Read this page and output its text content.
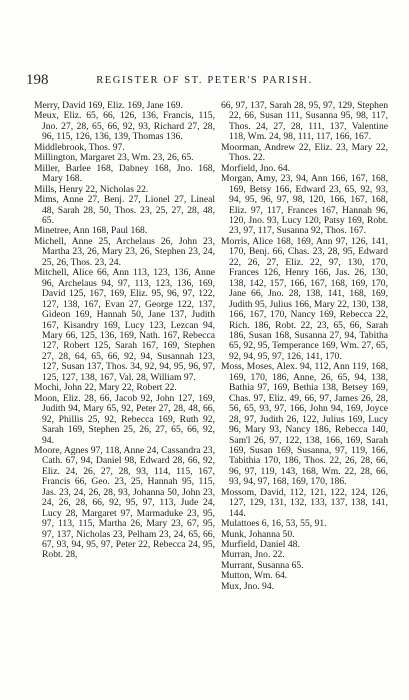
198	REGISTER OF ST. PETER'S PARISH.

Merry, David 169, Eliz. 169, Jane 169.

Meux, Eliz. 65, 66, 126, 136, Francis, 115, Jno. 27, 28, 65, 66, 92, 93, Richard 27, 28, 96, 115, 126, 136, 139, Thomas 136.

Middlebrook, Thos. 97.

Millington, Margaret 23, Wm. 23, 26, 65.

Miller, Barlee 168, Dabney 168, Jno. 168, Mary 168.

Mills, Henry 22, Nicholas 22.

Mims, Anne 27, Benj. 27, Lionel 27, Lineal 48, Sarah 28, 50, Thos. 23, 25, 27, 28, 48, 65.

Minetree, Ann 168, Paul 168.

Michell, Anne 25, Archelaus 26, John 23, Martha 23, 26, Mary 23, 26, Stephen 23, 24, 25, 26, Thos. 23, 24.

Mitchell, Alice 66, Ann 113, 123, 136, Anne 96, Archelaus 94, 97, 113, 123, 136, 169, David 125, 167, 169, Eliz. 95, 96, 97, 122, 127, 138, 167, Evan 27, George 122, 137, Gideon 169, Hannah 50, Jane 137, Judith 167, Kisandry 169, Lucy 123, Lezcan 94, Mary 66, 125, 136, 169, Nath. 167, Rebecca 127, Robert 125, Sarah 167, 169, Stephen 27, 28, 64, 65, 66, 92, 94, Susannah 123, 127, Susan 137, Thos. 34, 92, 94, 95, 96, 97, 125, 127, 138, 167, Val. 28, William 97.

Mochi, John 22, Mary 22, Robert 22.

Moon, Eliz. 28, 66, Jacob 92, John 127, 169, Judith 94, Mary 65, 92, Peter 27, 28, 48, 66, 92, Phillis 25, 92, Rebecca 169, Ruth 92, Sarah 169, Stephen 25, 26, 27, 65, 66, 92, 94.

Moore, Agnes 97, 118, Anne 24, Cassandra 23, Cath. 67, 94, Daniel 98, Edward 28, 66, 92, Eliz. 24, 26, 27, 28, 93, 114, 115, 167, Francis 66, Geo. 23, 25, Hannah 95, 115, Jas. 23, 24, 26, 28, 93, Johanna 50, John 23, 24, 26, 28, 66, 92, 95, 97, 113, Jude 24, Lucy 28, Margaret 97, Marmaduke 23, 95, 97, 113, 115, Martha 26, Mary 23, 67, 95, 97, 137, Nicholas 23, Pelham 23, 24, 65, 66, 67, 93, 94, 95, 97, Peter 22, Rebecca 24, 95, Robt. 28,

66, 97, 137, Sarah 28, 95, 97, 129, Stephen 22, 66, Susan 111, Susanna 95, 98, 117, Thos. 24, 27, 28, 111, 137, Valentine 118, Wm. 24, 98, 111, 117, 166, 167.

Moorman, Andrew 22, Eliz. 23, Mary 22, Thos. 22.

Morfield, Jno. 64.

Morgan, Amy, 23, 94, Ann 166, 167, 168, 169, Betsy 166, Edward 23, 65, 92, 93, 94, 95, 96, 97, 98, 120, 166, 167, 168, Eliz. 97, 117, Frances 167, Hannah 96, 120, Jno. 93, Lucy 120, Patsy 169, Robt. 23, 97, 117, Susanna 92, Thos. 167.

Morris, Alice 168, 169, Ann 97, 126, 141, 170, Benj. 66, Chas. 23, 28, 95, Edward 22, 26, 27, Eliz. 22, 97, 130, 170, Frances 126, Henry 166, Jas. 26, 130, 138, 142, 157, 166, 167, 168, 169, 170, Jane 66, Jno. 28, 138, 141, 168, 169, Judith 95, Julius 166, Mary 22, 130, 138, 166, 167, 170, Nancy 169, Rebecca 22, Rich. 186, Robt. 22, 23, 65, 66, Sarah 186, Susan 168, Susanna 27, 94, Tabitha 65, 92, 95, Temperance 169, Wm. 27, 65, 92, 94, 95, 97, 126, 141, 170.

Moss, Moses, Alex. 94, 112, Ann 119, 168, 169, 170, 186, Anne, 26, 65, 94, 138, Bathia 97, 169, Bethia 138, Betsey 169, Chas. 97, Eliz. 49, 66, 97, James 26, 28, 56, 65, 93, 97, 166, John 94, 169, Joyce 28, 97, Judith 26, 122, Julius 169, Lucy 96, Mary 93, Nancy 186, Rebecca 140, Sam'l 26, 97, 122, 138, 166, 169, Sarah 169, Susan 169, Susanna, 97, 119, 166, Tabithia 170, 186, Thos. 22, 26, 28, 66, 96, 97, 119, 143, 168, Wm. 22, 28, 66, 93, 94, 97, 168, 169, 170, 186.

Mossom, David, 112, 121, 122, 124, 126, 127, 129, 131, 132, 133, 137, 138, 141, 144.

Mulattoes 6, 16, 53, 55, 91.

Munk, Johanna 50.

Murfield, Daniel 48.

Murran, Jno. 22.

Murrant, Susanna 65.

Mutton, Wm. 64.

Mux, Jno. 94.
